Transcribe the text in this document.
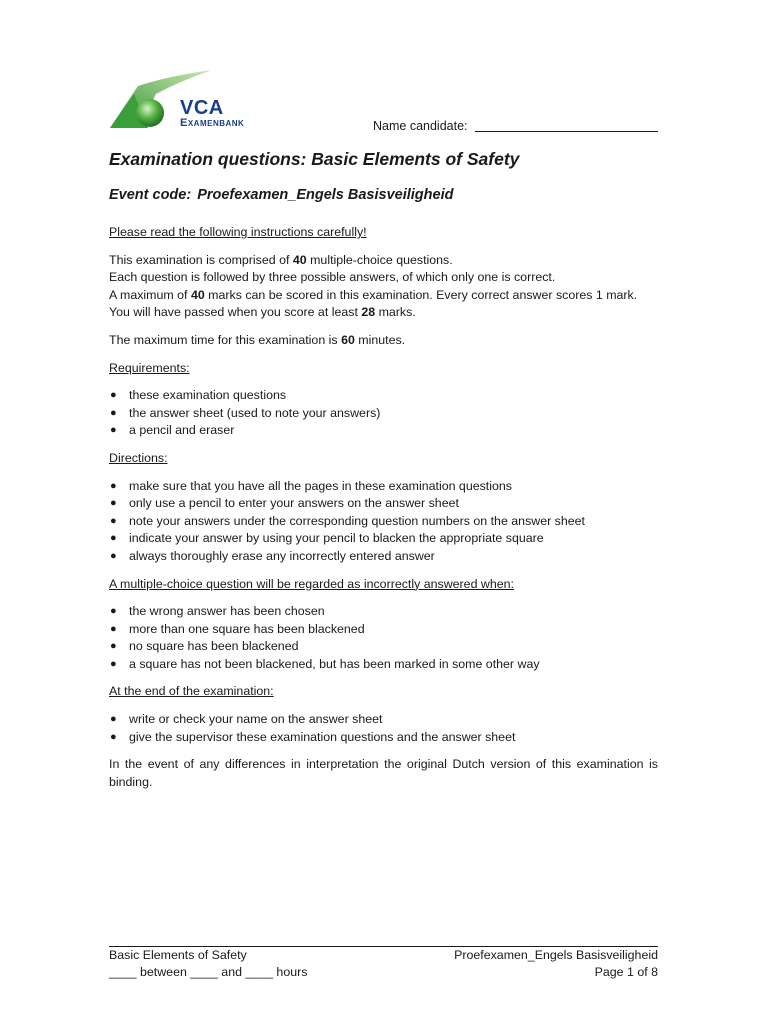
VCA
Examenbank	Name candidate:
Examination questions: Basic Elements of Safety
Event code: Proefexamen_Engels Basisveiligheid

Please read the following instructions carefully!

This examination is comprised of 40 multiple-choice questions.

Each question is followed by three possible answers, of which only one is correct.

A maximum of 40 marks can be scored in this examination. Every correct answer scores 1 mark.

You will have passed when you score at least 28 marks.

The maximum time for this examination is 60 minutes.

Requirements:

● these examination questions
● the answer sheet (used to note your answers)
● a pencil and eraser

Directions:

● make sure that you have all the pages in these examination questions
● only use a pencil to enter your answers on the answer sheet
● note your answers under the corresponding question numbers on the answer sheet
● indicate your answer by using your pencil to blacken the appropriate square
● always thoroughly erase any incorrectly entered answer

A multiple-choice question will be regarded as incorrectly answered when:

● the wrong answer has been chosen
● more than one square has been blackened
● no square has been blackened
● a square has not been blackened, but has been marked in some other way

At the end of the examination:

● write or check your name on the answer sheet
● give the supervisor these examination questions and the answer sheet

In the event of any differences in interpretation the original Dutch version of this examination is binding.

Basic Elements of Safety	Proefexamen_Engels Basisveiligheid
____ between ____ and ____ hours	Page 1 of 8
